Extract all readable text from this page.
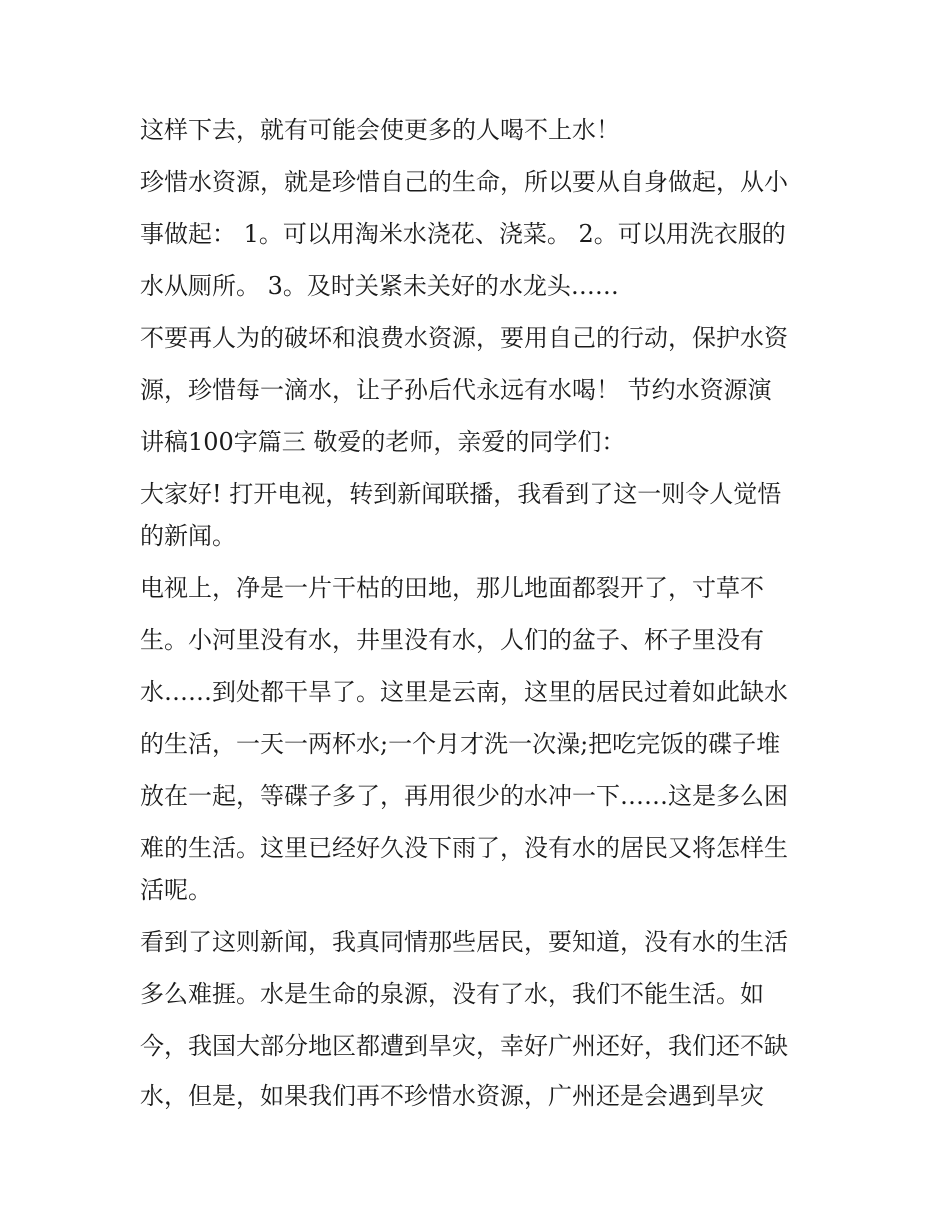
这样下去，就有可能会使更多的人喝不上水！
珍惜水资源，就是珍惜自己的生命，所以要从自身做起，从小
事做起： 1。可以用淘米水浇花、浇菜。 2。可以用洗衣服的
水从厕所。 3。及时关紧未关好的水龙头……
不要再人为的破坏和浪费水资源，要用自己的行动，保护水资
源，珍惜每一滴水，让子孙后代永远有水喝！ 节约水资源演
讲稿100字篇三 敬爱的老师，亲爱的同学们：
大家好! 打开电视，转到新闻联播，我看到了这一则令人觉悟
的新闻。
电视上，净是一片干枯的田地，那儿地面都裂开了，寸草不
生。小河里没有水，井里没有水，人们的盆子、杯子里没有
水……到处都干旱了。这里是云南，这里的居民过着如此缺水
的生活，一天一两杯水;一个月才洗一次澡;把吃完饭的碟子堆
放在一起，等碟子多了，再用很少的水冲一下……这是多么困
难的生活。这里已经好久没下雨了，没有水的居民又将怎样生
活呢。
看到了这则新闻，我真同情那些居民，要知道，没有水的生活
多么难捱。水是生命的泉源，没有了水，我们不能生活。如
今，我国大部分地区都遭到旱灾，幸好广州还好，我们还不缺
水，但是，如果我们再不珍惜水资源，广州还是会遇到旱灾
